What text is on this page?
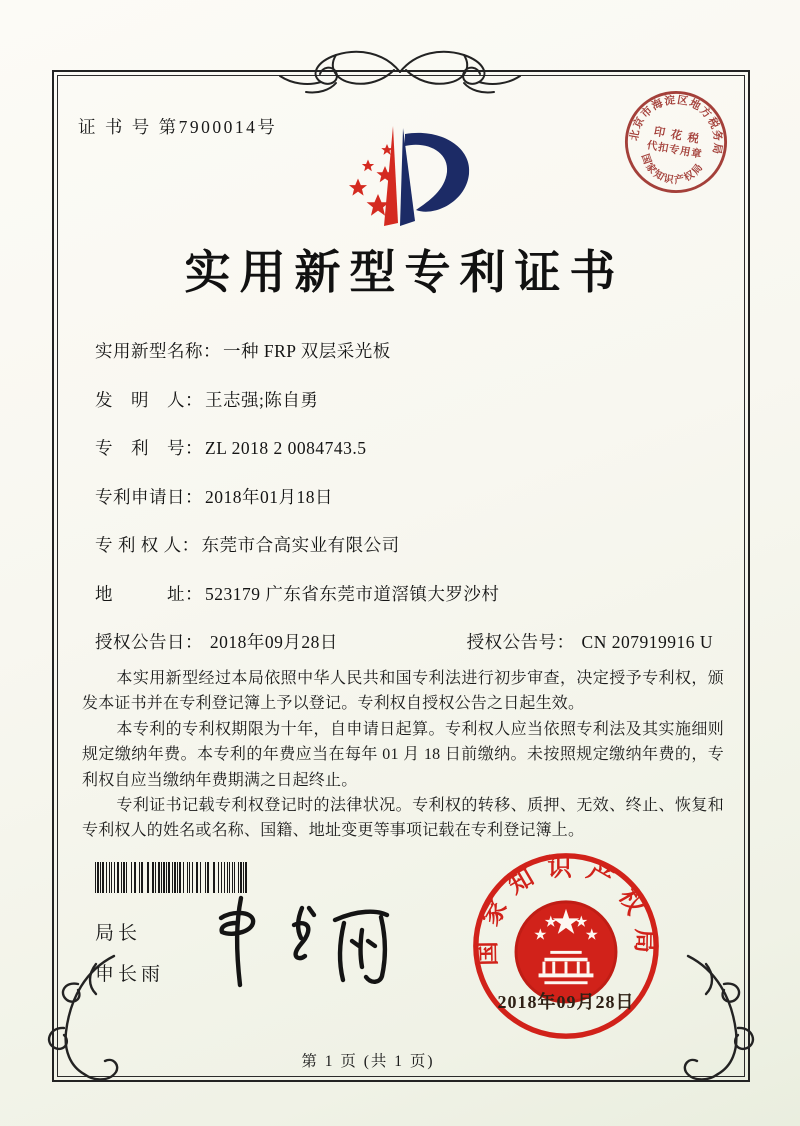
证 书 号 第7900014号	北京市海淀区地方税务局
国家知识产权局
印 花 税
代扣专用章
实用新型专利证书
实用新型名称： 一种 FRP 双层采光板
发　明　人： 王志强;陈自勇
专　利　号： ZL 2018 2 0084743.5
专利申请日： 2018年01月18日
专 利 权 人： 东莞市合高实业有限公司
地　　　址： 523179 广东省东莞市道滘镇大罗沙村
授权公告日： 2018年09月28日	授权公告号： CN 207919916 U

本实用新型经过本局依照中华人民共和国专利法进行初步审查，决定授予专利权，颁发本证书并在专利登记簿上予以登记。专利权自授权公告之日起生效。

本专利的专利权期限为十年，自申请日起算。专利权人应当依照专利法及其实施细则规定缴纳年费。本专利的年费应当在每年 01 月 18 日前缴纳。未按照规定缴纳年费的，专利权自应当缴纳年费期满之日起终止。

专利证书记载专利权登记时的法律状况。专利权的转移、质押、无效、终止、恢复和专利权人的姓名或名称、国籍、地址变更等事项记载在专利登记簿上。

局长
申长雨
国家知识产权局
2018年09月28日
第 1 页 (共 1 页)
